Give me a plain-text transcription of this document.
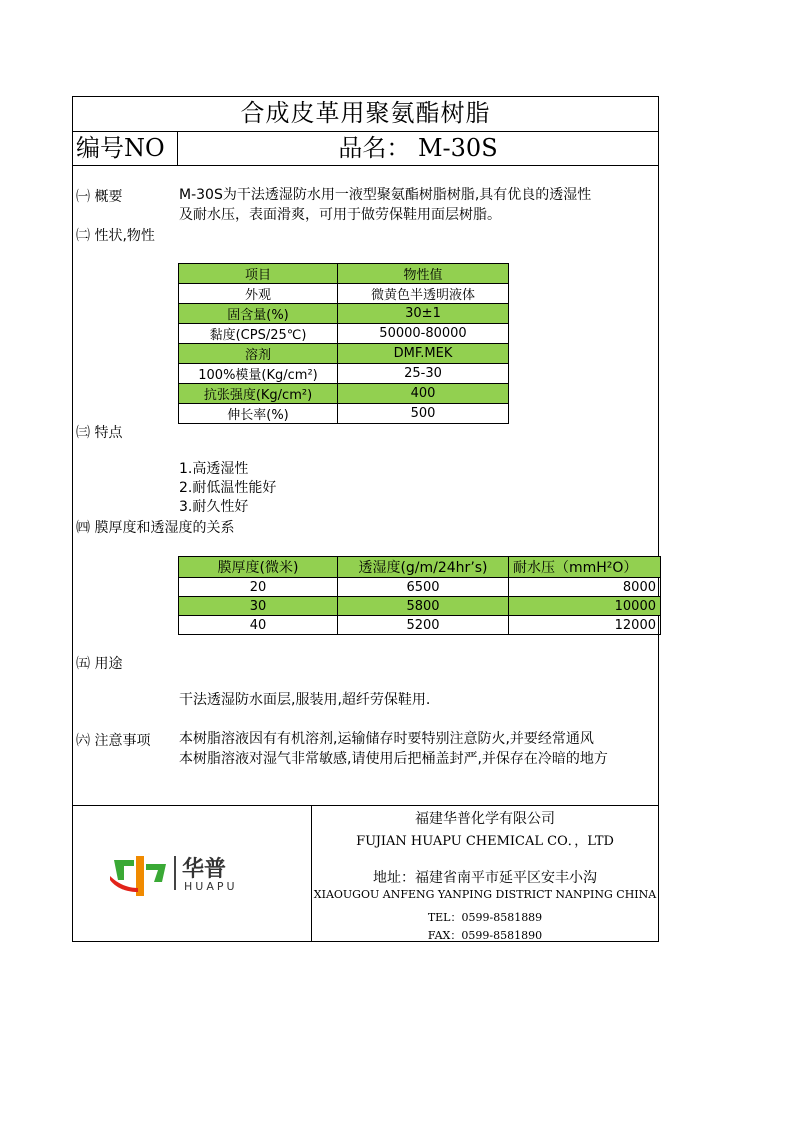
合成皮革用聚氨酯树脂
编号NO	品名： M-30S
㈠ 概要	M-30S为干法透湿防水用一液型聚氨酯树脂树脂,具有优良的透湿性
及耐水压，表面滑爽，可用于做劳保鞋用面层树脂。
㈡ 性状,物性
项目	物性值
外观	微黄色半透明液体
固含量(%)	30±1
黏度(CPS/25℃)	50000-80000
溶剂	DMF.MEK
100%模量(Kg/cm²)	25-30
抗张强度(Kg/cm²)	400
伸长率(%)	500
㈢ 特点
1.高透湿性
2.耐低温性能好
3.耐久性好
㈣ 膜厚度和透湿度的关系
膜厚度(微米)	透湿度(g/m/24hr’s)	耐水压（mmH²O）
20	6500	8000
30	5800	10000
40	5200	12000
㈤ 用途
干法透湿防水面层,服装用,超纤劳保鞋用.
㈥ 注意事项 本树脂溶液因有有机溶剂,运输储存时要特别注意防火,并要经常通风
本树脂溶液对湿气非常敏感,请使用后把桶盖封严,并保存在冷暗的地方
福建华普化学有限公司
FUJIAN HUAPU CHEMICAL CO．，LTD
地址：福建省南平市延平区安丰小沟
XIAOUGOU ANFENG YANPING DISTRICT NANPING CHINA
TEL：0599-8581889
FAX：0599-8581890
华普
HUAPU
